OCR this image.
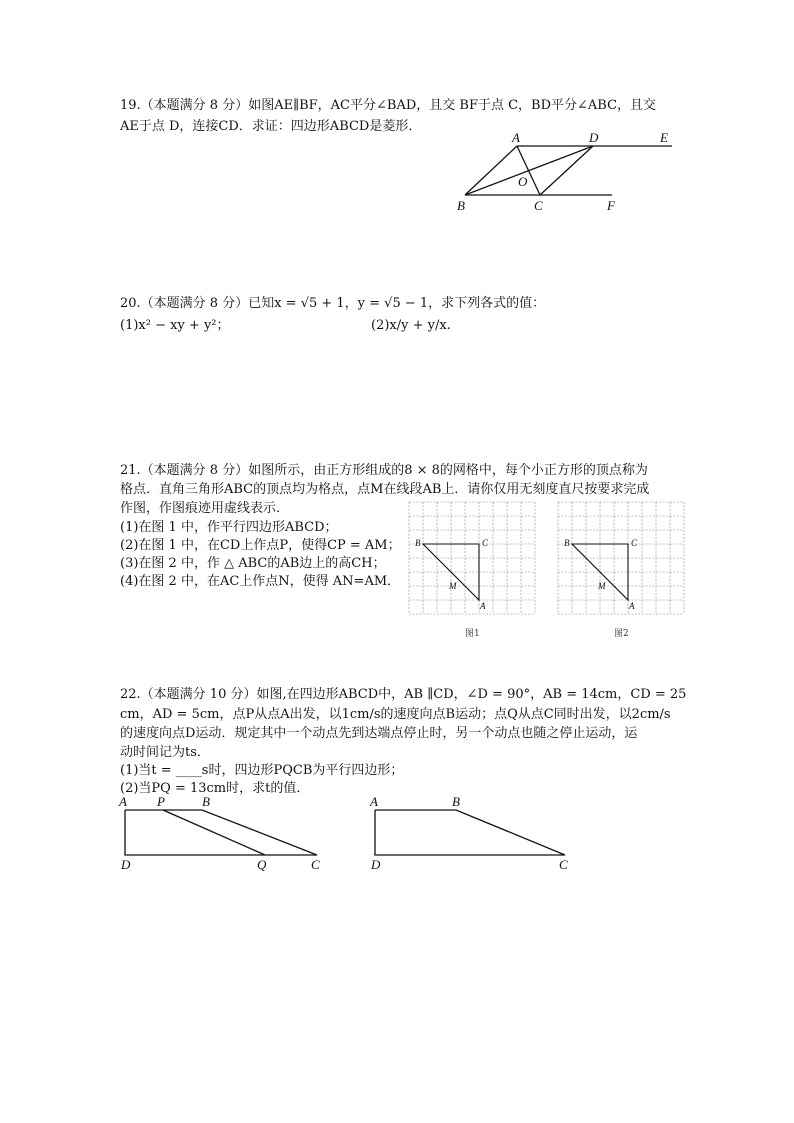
19.（本题满分 8 分）如图AE∥BF，AC平分∠BAD，且交 BF于点 C，BD平分∠ABC，且交
AE于点 D，连接CD．求证：四边形ABCD是菱形．
A	D	E
O
B	C	F
20.（本题满分 8 分）已知x = √5 + 1，y = √5 − 1，求下列各式的值：
(1)x² − xy + y²；	(2)x/y + y/x.
21.（本题满分 8 分）如图所示，由正方形组成的8 × 8的网格中，每个小正方形的顶点称为
格点．直角三角形ABC的顶点均为格点，点M在线段AB上．请你仅用无刻度直尺按要求完成
作图，作图痕迹用虚线表示．
(1)在图 1 中，作平行四边形ABCD；
(2)在图 1 中，在CD上作点P，使得CP = AM；
(3)在图 2 中，作 △ ABC的AB边上的高CH；
(4)在图 2 中，在AC上作点N，使得 AN=AM．
B	C
A
M
B	C
A
M
图1	图2
22.（本题满分 10 分）如图,在四边形ABCD中，AB ∥CD，∠D = 90°，AB = 14cm，CD = 25
cm，AD = 5cm，点P从点A出发，以1cm/s的速度向点B运动；点Q从点C同时出发，以2cm/s
的速度向点D运动．规定其中一个动点先到达端点停止时，另一个动点也随之停止运动，运
动时间记为ts．
(1)当t = ____s时，四边形PQCB为平行四边形；
(2)当PQ = 13cm时，求t的值．
A P	B
D	Q	C
A	B
D	C
